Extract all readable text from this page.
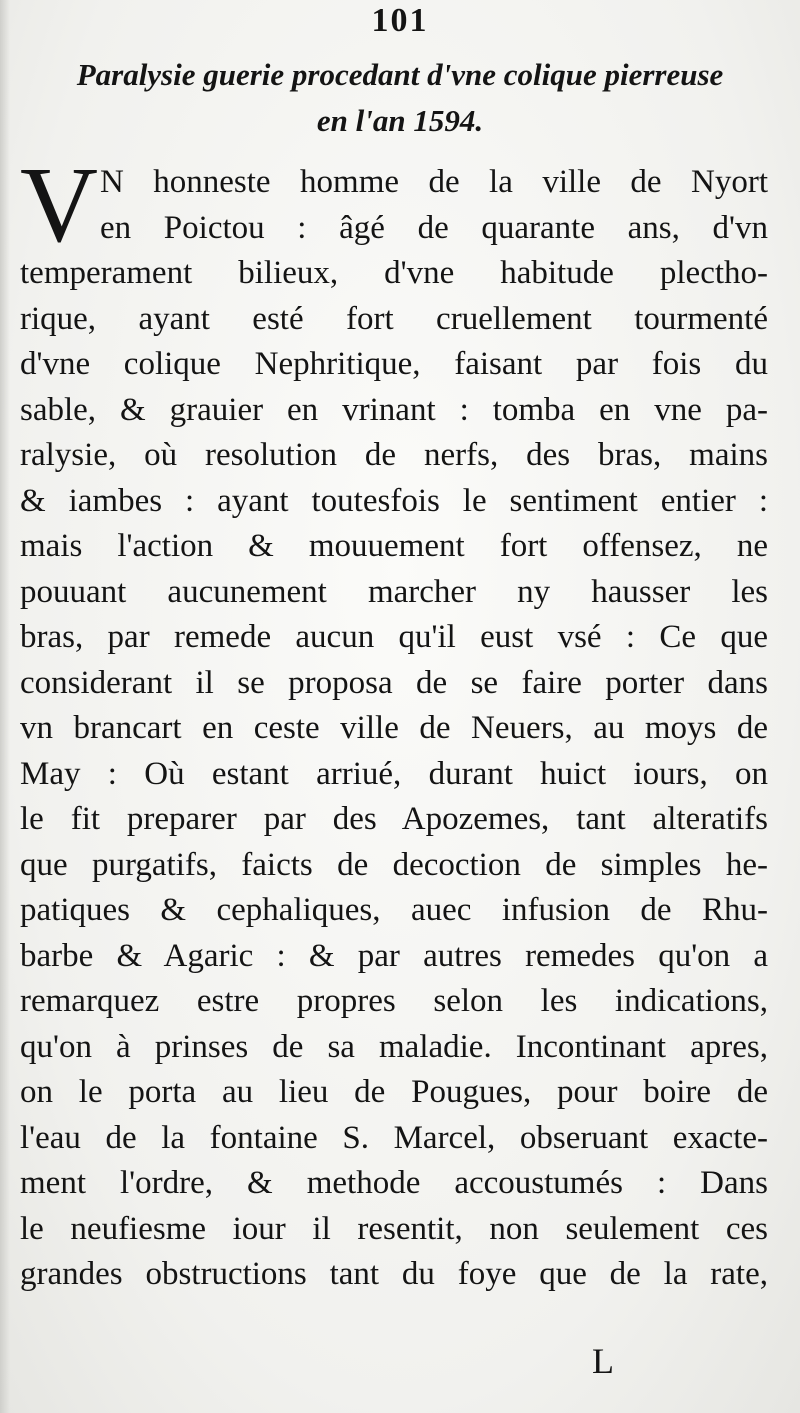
101
Paralysie guerie procedant d'vne colique pierreuse
en l'an 1594.
V N honneste homme de la ville de Nyort
en Poictou : âgé de quarante ans, d'vn
temperament bilieux, d'vne habitude plectho-
rique, ayant esté fort cruellement tourmenté
d'vne colique Nephritique, faisant par fois du
sable, & grauier en vrinant : tomba en vne pa-
ralysie, où resolution de nerfs, des bras, mains
& iambes : ayant toutesfois le sentiment entier :
mais l'action & mouuement fort offensez, ne
pouuant aucunement marcher ny hausser les
bras, par remede aucun qu'il eust vsé : Ce que
considerant il se proposa de se faire porter dans
vn brancart en ceste ville de Neuers, au moys de
May : Où estant arriué, durant huict iours, on
le fit preparer par des Apozemes, tant alteratifs
que purgatifs, faicts de decoction de simples he-
patiques & cephaliques, auec infusion de Rhu-
barbe & Agaric : & par autres remedes qu'on a
remarquez estre propres selon les indications,
qu'on à prinses de sa maladie. Incontinant apres,
on le porta au lieu de Pougues, pour boire de
l'eau de la fontaine S. Marcel, obseruant exacte-
ment l'ordre, & methode accoustumés : Dans
le neufiesme iour il resentit, non seulement ces
grandes obstructions tant du foye que de la rate,
L
